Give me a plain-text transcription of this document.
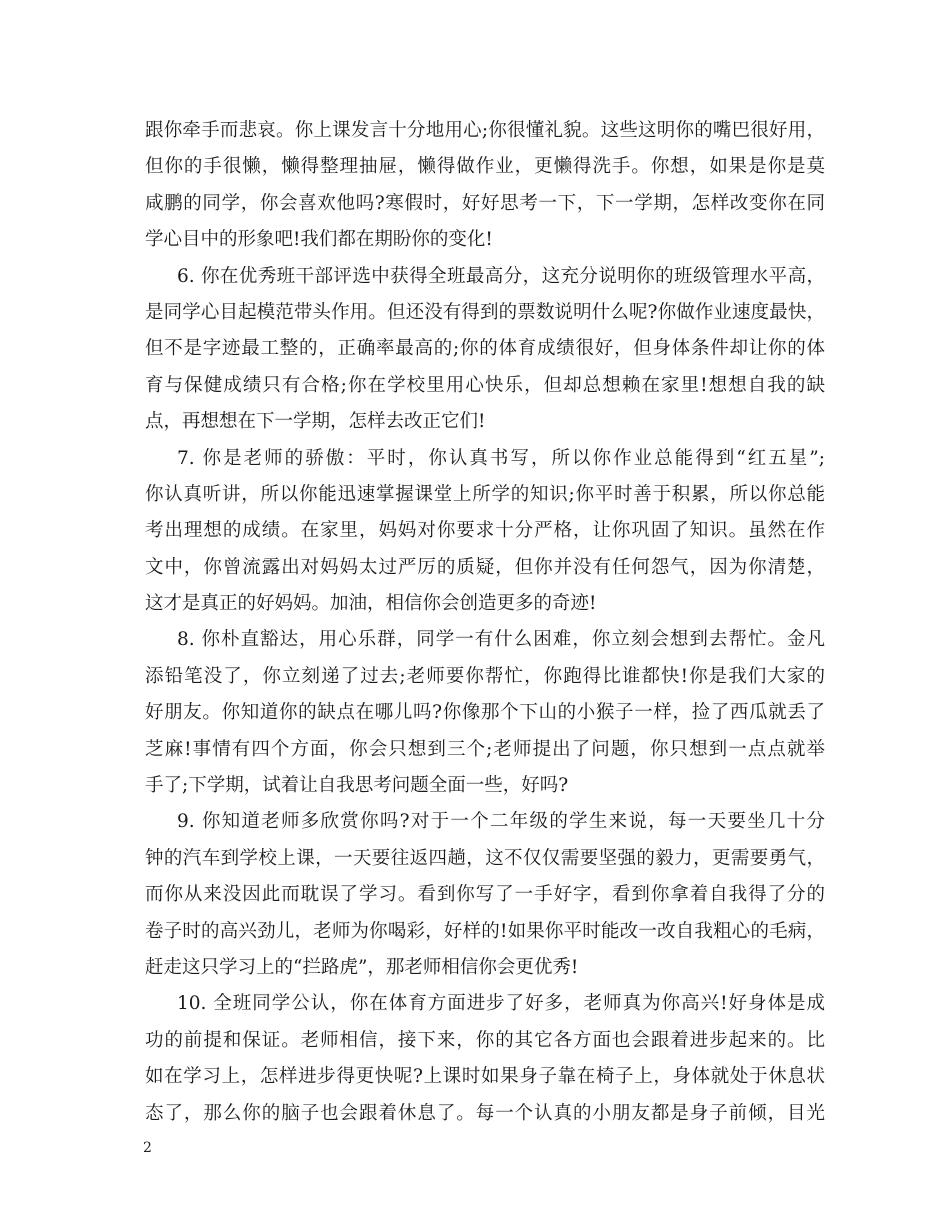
跟你牵手而悲哀。你上课发言十分地用心;你很懂礼貌。这些这明你的嘴巴很好用，
但你的手很懒，懒得整理抽屉，懒得做作业，更懒得洗手。你想，如果是你是莫
咸鹏的同学，你会喜欢他吗?寒假时，好好思考一下，下一学期，怎样改变你在同
学心目中的形象吧!我们都在期盼你的变化!
6. 你在优秀班干部评选中获得全班最高分，这充分说明你的班级管理水平高，
是同学心目起模范带头作用。但还没有得到的票数说明什么呢?你做作业速度最快，
但不是字迹最工整的，正确率最高的;你的体育成绩很好，但身体条件却让你的体
育与保健成绩只有合格;你在学校里用心快乐，但却总想赖在家里!想想自我的缺
点，再想想在下一学期，怎样去改正它们!
7. 你是老师的骄傲：平时，你认真书写，所以你作业总能得到“红五星”;
你认真听讲，所以你能迅速掌握课堂上所学的知识;你平时善于积累，所以你总能
考出理想的成绩。在家里，妈妈对你要求十分严格，让你巩固了知识。虽然在作
文中，你曾流露出对妈妈太过严厉的质疑，但你并没有任何怨气，因为你清楚，
这才是真正的好妈妈。加油，相信你会创造更多的奇迹!
8. 你朴直豁达，用心乐群，同学一有什么困难，你立刻会想到去帮忙。金凡
添铅笔没了，你立刻递了过去;老师要你帮忙，你跑得比谁都快!你是我们大家的
好朋友。你知道你的缺点在哪儿吗?你像那个下山的小猴子一样，捡了西瓜就丢了
芝麻!事情有四个方面，你会只想到三个;老师提出了问题，你只想到一点点就举
手了;下学期，试着让自我思考问题全面一些，好吗?
9. 你知道老师多欣赏你吗?对于一个二年级的学生来说，每一天要坐几十分
钟的汽车到学校上课，一天要往返四趟，这不仅仅需要坚强的毅力，更需要勇气，
而你从来没因此而耽误了学习。看到你写了一手好字，看到你拿着自我得了分的
卷子时的高兴劲儿，老师为你喝彩，好样的!如果你平时能改一改自我粗心的毛病，
赶走这只学习上的“拦路虎”，那老师相信你会更优秀!
10. 全班同学公认，你在体育方面进步了好多，老师真为你高兴!好身体是成
功的前提和保证。老师相信，接下来，你的其它各方面也会跟着进步起来的。比
如在学习上，怎样进步得更快呢?上课时如果身子靠在椅子上，身体就处于休息状
态了，那么你的脑子也会跟着休息了。每一个认真的小朋友都是身子前倾，目光
2
